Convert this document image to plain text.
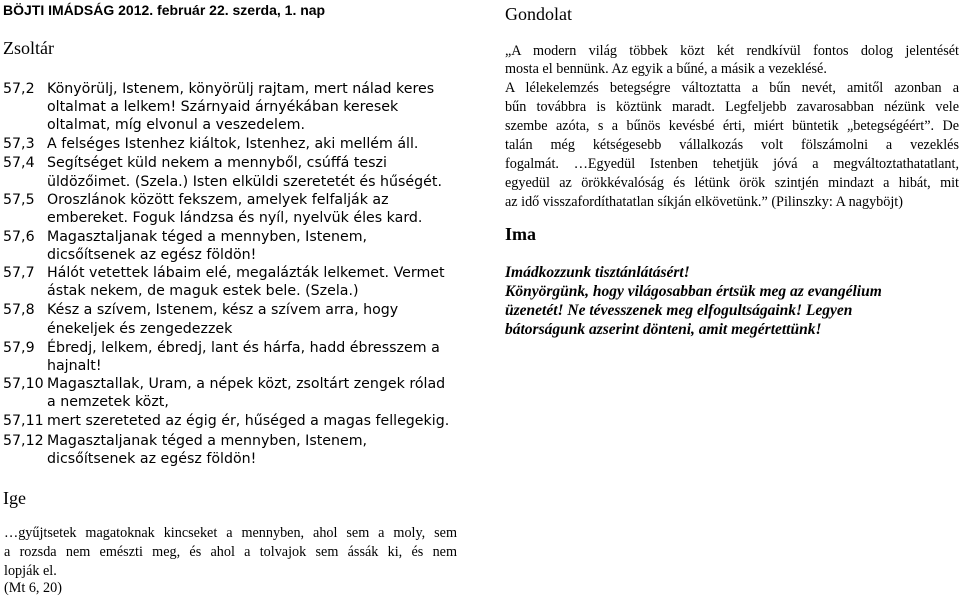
BÖJTI IMÁDSÁG 2012. február 22. szerda, 1. nap
Zsoltár
Gondolat
Ima
Ige
57,2 Könyörülj, Istenem, könyörülj rajtam, mert nálad keres
oltalmat a lelkem! Szárnyaid árnyékában keresek
oltalmat, míg elvonul a veszedelem.
57,3 A felséges Istenhez kiáltok, Istenhez, aki mellém áll.
57,4 Segítséget küld nekem a mennyből, csúffá teszi
üldözőimet. (Szela.) Isten elküldi szeretetét és hűségét.
57,5 Oroszlánok között fekszem, amelyek felfalják az
embereket. Foguk lándzsa és nyíl, nyelvük éles kard.
57,6 Magasztaljanak téged a mennyben, Istenem,
dicsőítsenek az egész földön!
57,7 Hálót vetettek lábaim elé, megalázták lelkemet. Vermet
ástak nekem, de maguk estek bele. (Szela.)
57,8 Kész a szívem, Istenem, kész a szívem arra, hogy
énekeljek és zengedezzek
57,9 Ébredj, lelkem, ébredj, lant és hárfa, hadd ébresszem a
hajnalt!
57,10 Magasztallak, Uram, a népek közt, zsoltárt zengek rólad
a nemzetek közt,
57,11 mert szereteted az égig ér, hűséged a magas fellegekig.
57,12 Magasztaljanak téged a mennyben, Istenem,
dicsőítsenek az egész földön!
„A modern világ többek közt két rendkívül fontos dolog jelentését
mosta el bennünk. Az egyik a bűné, a másik a vezeklésé.
A lélekelemzés betegségre változtatta a bűn nevét, amitől azonban a
bűn továbbra is köztünk maradt. Legfeljebb zavarosabban nézünk vele
szembe azóta, s a bűnös kevésbé érti, miért büntetik „betegségéért”. De
talán még kétségesebb vállalkozás volt fölszámolni a vezeklés
fogalmát. …Egyedül Istenben tehetjük jóvá a megváltoztathatatlant,
egyedül az örökkévalóság és létünk örök szintjén mindazt a hibát, mit
az idő visszafordíthatatlan síkján elkövetünk.” (Pilinszky: A nagyböjt)
Imádkozzunk tisztánlátásért!
Könyörgünk, hogy világosabban értsük meg az evangélium
üzenetét! Ne tévesszenek meg elfogultságaink! Legyen
bátorságunk azserint dönteni, amit megértettünk!
…gyűjtsetek magatoknak kincseket a mennyben, ahol sem a moly, sem
a rozsda nem emészti meg, és ahol a tolvajok sem ássák ki, és nem
lopják el.
(Mt 6, 20)
